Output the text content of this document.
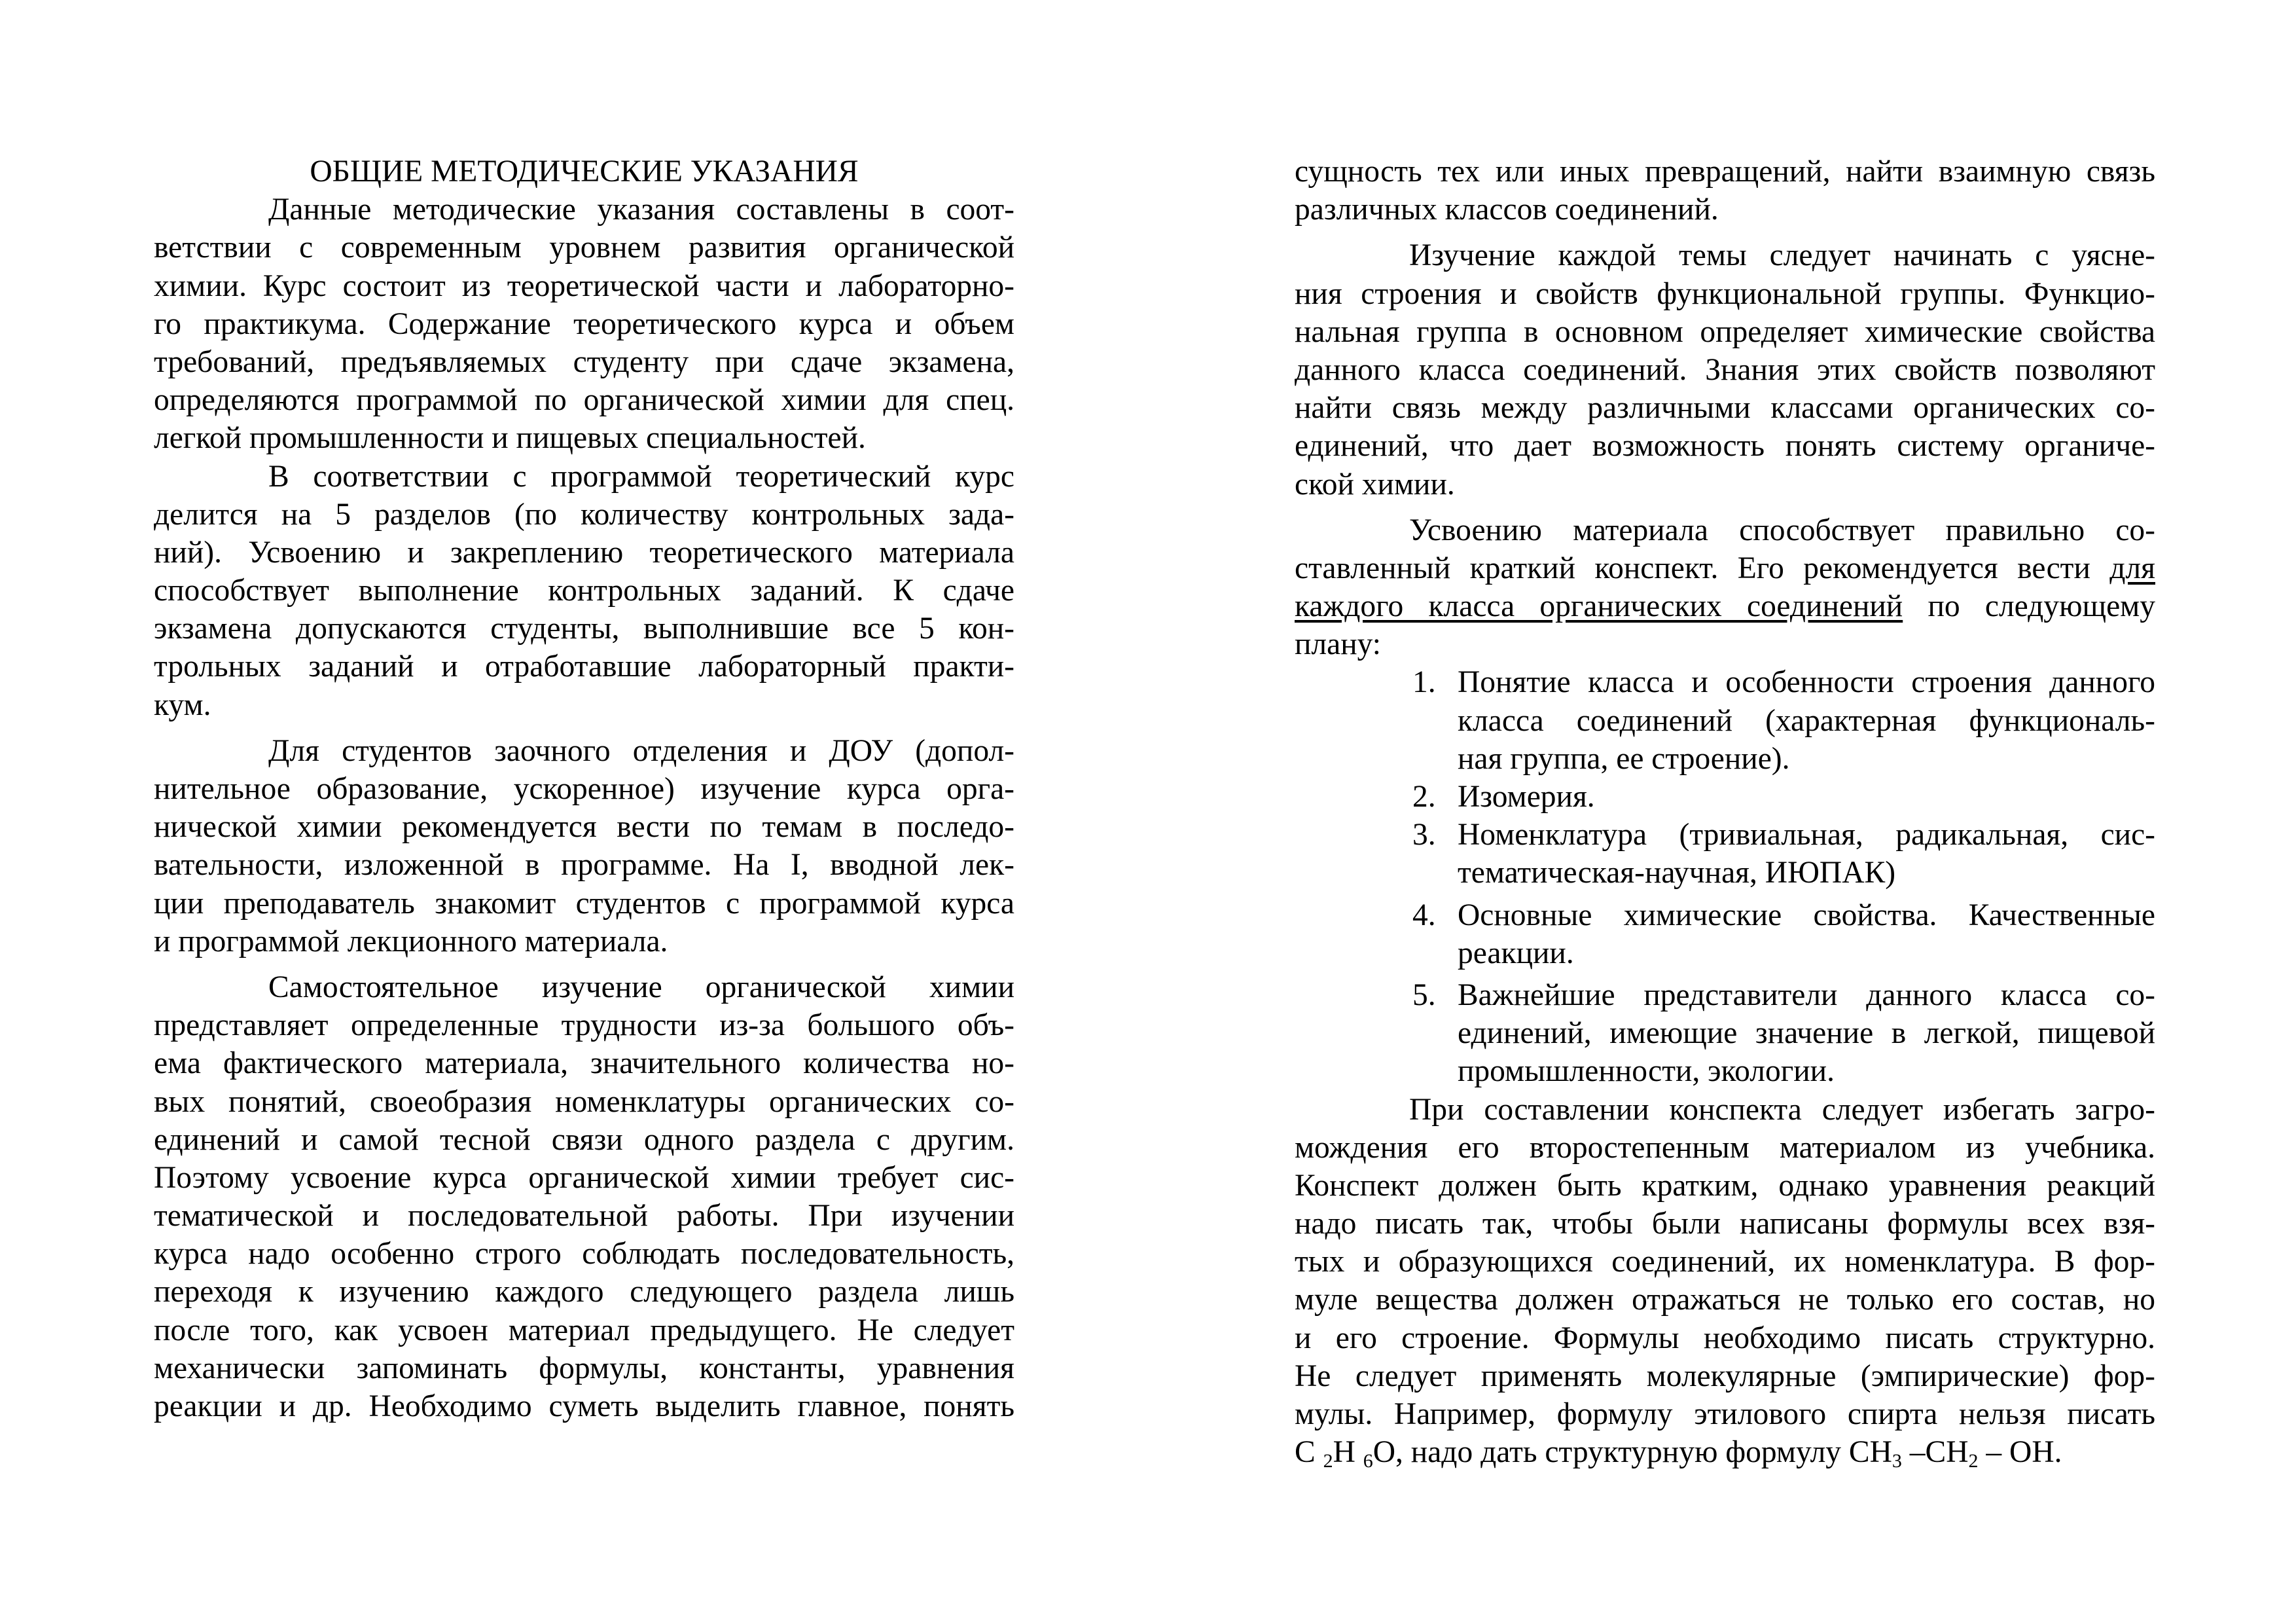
ОБЩИЕ МЕТОДИЧЕСКИЕ УКАЗАНИЯ
Данные методические указания составлены в соот-
ветствии с современным уровнем развития органической
химии. Курс состоит из теоретической части и лабораторно-
го практикума. Содержание теоретического курса и объем
требований, предъявляемых студенту при сдаче экзамена,
определяются программой по органической химии для спец.
легкой промышленности и пищевых специальностей.
В соответствии с программой теоретический курс
делится на 5 разделов (по количеству контрольных зада-
ний). Усвоению и закреплению теоретического материала
способствует выполнение контрольных заданий. К сдаче
экзамена допускаются студенты, выполнившие все 5 кон-
трольных заданий и отработавшие лабораторный практи-
кум.
Для студентов заочного отделения и ДОУ (допол-
нительное образование, ускоренное) изучение курса орга-
нической химии рекомендуется вести по темам в последо-
вательности, изложенной в программе. На I, вводной лек-
ции преподаватель знакомит студентов с программой курса
и программой лекционного материала.
Самостоятельное изучение органической химии
представляет определенные трудности из-за большого объ-
ема фактического материала, значительного количества но-
вых понятий, своеобразия номенклатуры органических со-
единений и самой тесной связи одного раздела с другим.
Поэтому усвоение курса органической химии требует сис-
тематической и последовательной работы. При изучении
курса надо особенно строго соблюдать последовательность,
переходя к изучению каждого следующего раздела лишь
после того, как усвоен материал предыдущего. Не следует
механически запоминать формулы, константы, уравнения
реакции и др. Необходимо суметь выделить главное, понять
сущность тех или иных превращений, найти взаимную связь
различных классов соединений.
Изучение каждой темы следует начинать с уясне-
ния строения и свойств функциональной группы. Функцио-
нальная группа в основном определяет химические свойства
данного класса соединений. Знания этих свойств позволяют
найти связь между различными классами органических со-
единений, что дает возможность понять систему органиче-
ской химии.
Усвоению материала способствует правильно со-
ставленный краткий конспект. Его рекомендуется вести для
каждого класса органических соединений по следующему
плану:
1. Понятие класса и особенности строения данного
класса соединений (характерная функциональ-
ная группа, ее строение).
2. Изомерия.
3. Номенклатура (тривиальная, радикальная, сис-
тематическая-научная, ИЮПАК)
4. Основные химические свойства. Качественные
реакции.
5. Важнейшие представители данного класса со-
единений, имеющие значение в легкой, пищевой
промышленности, экологии.
При составлении конспекта следует избегать загро-
мождения его второстепенным материалом из учебника.
Конспект должен быть кратким, однако уравнения реакций
надо писать так, чтобы были написаны формулы всех взя-
тых и образующихся соединений, их номенклатура. В фор-
муле вещества должен отражаться не только его состав, но
и его строение. Формулы необходимо писать структурно.
Не следует применять молекулярные (эмпирические) фор-
мулы. Например, формулу этилового спирта нельзя писать
C $_2$H $_6$O, надо дать структурную формулу $CH_3$ $-CH_2$ – OH.
